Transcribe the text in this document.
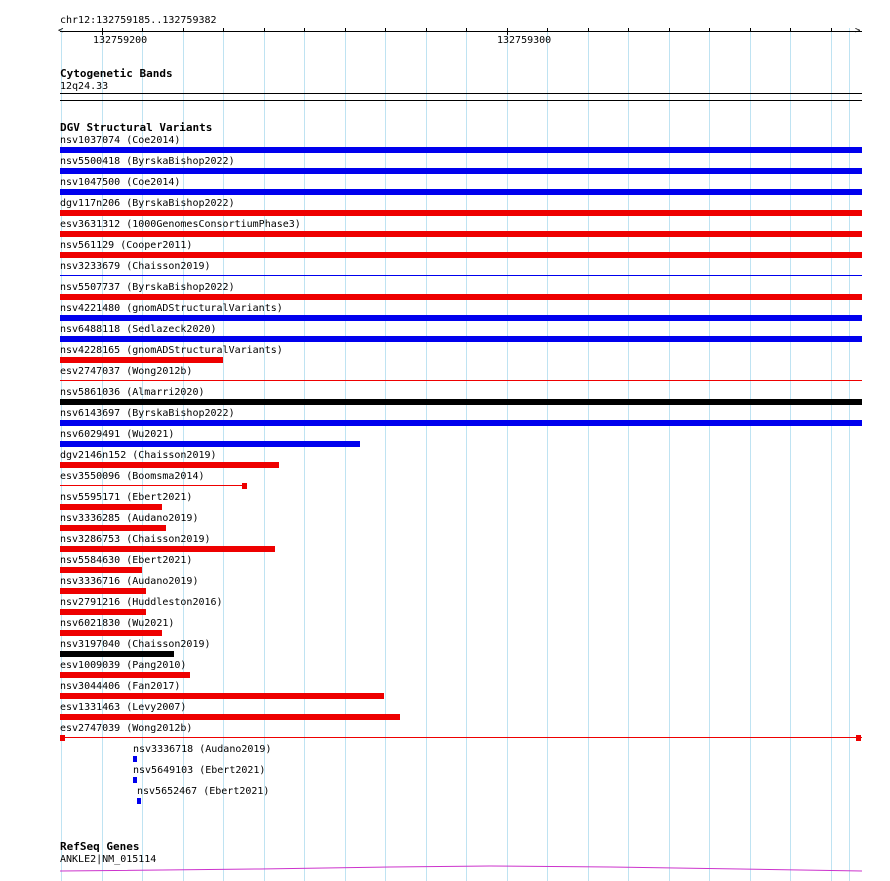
chr12:132759185..132759382
<	>
132759200	132759300
Cytogenetic Bands
12q24.33
DGV Structural Variants
nsv1037074 (Coe2014)
nsv5500418 (ByrskaBishop2022)
nsv1047500 (Coe2014)
dgv117n206 (ByrskaBishop2022)
esv3631312 (1000GenomesConsortiumPhase3)
nsv561129 (Cooper2011)
nsv3233679 (Chaisson2019)
nsv5507737 (ByrskaBishop2022)
nsv4221480 (gnomADStructuralVariants)
nsv6488118 (Sedlazeck2020)
nsv4228165 (gnomADStructuralVariants)
esv2747037 (Wong2012b)
nsv5861036 (Almarri2020)
nsv6143697 (ByrskaBishop2022)
nsv6029491 (Wu2021)
dgv2146n152 (Chaisson2019)
esv3550096 (Boomsma2014)
nsv5595171 (Ebert2021)
nsv3336285 (Audano2019)
nsv3286753 (Chaisson2019)
nsv5584630 (Ebert2021)
nsv3336716 (Audano2019)
nsv2791216 (Huddleston2016)
nsv6021830 (Wu2021)
nsv3197040 (Chaisson2019)
esv1009039 (Pang2010)
nsv3044406 (Fan2017)
esv1331463 (Levy2007)
esv2747039 (Wong2012b)
nsv3336718 (Audano2019)
nsv5649103 (Ebert2021)
nsv5652467 (Ebert2021)
RefSeq Genes
ANKLE2|NM_015114
